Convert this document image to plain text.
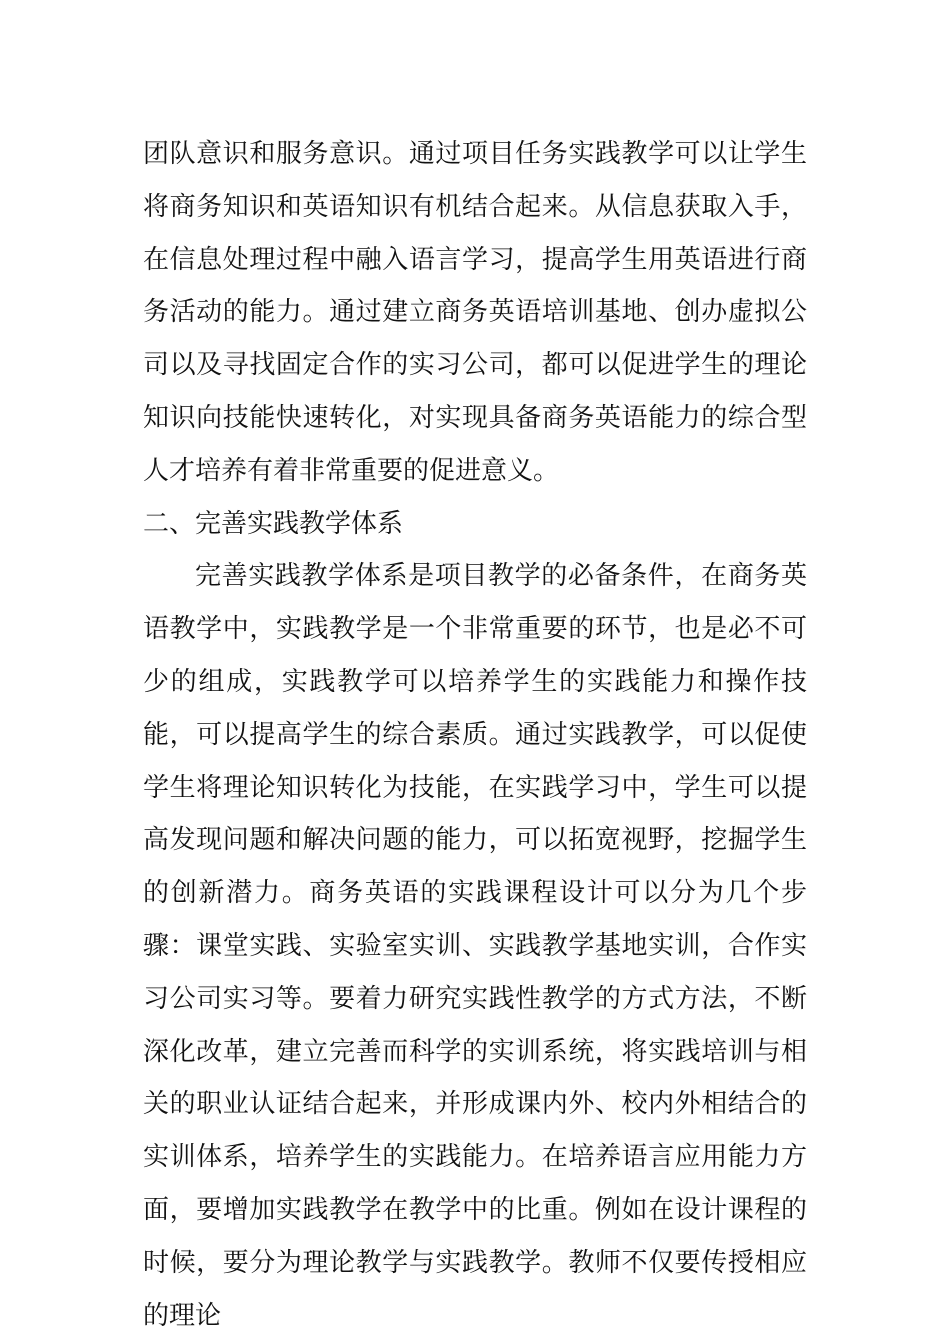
团队意识和服务意识。通过项目任务实践教学可以让学生将商务知识和英语知识有机结合起来。从信息获取入手，在信息处理过程中融入语言学习，提高学生用英语进行商务活动的能力。通过建立商务英语培训基地、创办虚拟公司以及寻找固定合作的实习公司，都可以促进学生的理论知识向技能快速转化，对实现具备商务英语能力的综合型人才培养有着非常重要的促进意义。

二、完善实践教学体系

完善实践教学体系是项目教学的必备条件，在商务英语教学中，实践教学是一个非常重要的环节，也是必不可少的组成，实践教学可以培养学生的实践能力和操作技能，可以提高学生的综合素质。通过实践教学，可以促使学生将理论知识转化为技能，在实践学习中，学生可以提高发现问题和解决问题的能力，可以拓宽视野，挖掘学生的创新潜力。商务英语的实践课程设计可以分为几个步骤：课堂实践、实验室实训、实践教学基地实训，合作实习公司实习等。要着力研究实践性教学的方式方法，不断深化改革，建立完善而科学的实训系统，将实践培训与相关的职业认证结合起来，并形成课内外、校内外相结合的实训体系，培养学生的实践能力。在培养语言应用能力方面，要增加实践教学在教学中的比重。例如在设计课程的时候，要分为理论教学与实践教学。教师不仅要传授相应的理论
